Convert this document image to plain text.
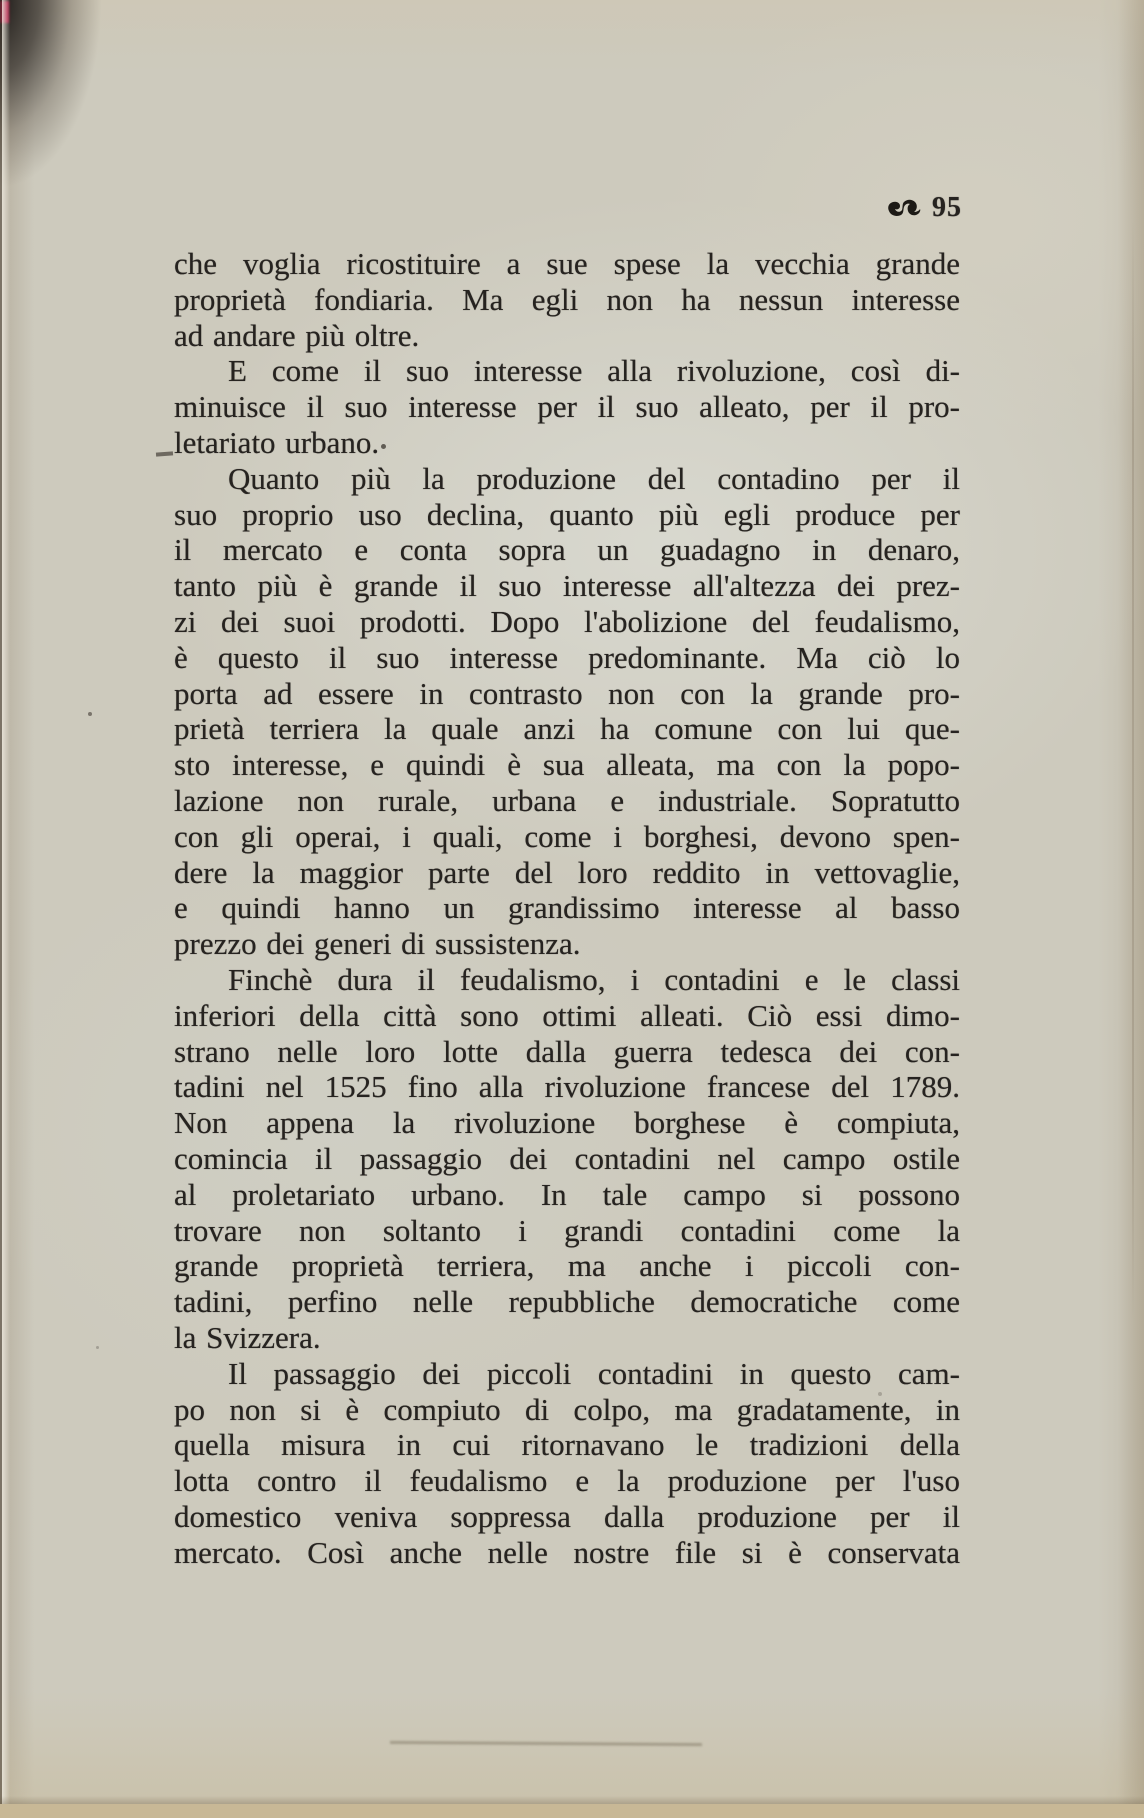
95
che voglia ricostituire a sue spese la vecchia grande
proprietà fondiaria. Ma egli non ha nessun interesse
ad andare più oltre.
E come il suo interesse alla rivoluzione, così di-
minuisce il suo interesse per il suo alleato, per il pro-
letariato urbano.
Quanto più la produzione del contadino per il
suo proprio uso declina, quanto più egli produce per
il mercato e conta sopra un guadagno in denaro,
tanto più è grande il suo interesse all'altezza dei prez-
zi dei suoi prodotti. Dopo l'abolizione del feudalismo,
è questo il suo interesse predominante. Ma ciò lo
porta ad essere in contrasto non con la grande pro-
prietà terriera la quale anzi ha comune con lui que-
sto interesse, e quindi è sua alleata, ma con la popo-
lazione non rurale, urbana e industriale. Sopratutto
con gli operai, i quali, come i borghesi, devono spen-
dere la maggior parte del loro reddito in vettovaglie,
e quindi hanno un grandissimo interesse al basso
prezzo dei generi di sussistenza.
Finchè dura il feudalismo, i contadini e le classi
inferiori della città sono ottimi alleati. Ciò essi dimo-
strano nelle loro lotte dalla guerra tedesca dei con-
tadini nel 1525 fino alla rivoluzione francese del 1789.
Non appena la rivoluzione borghese è compiuta,
comincia il passaggio dei contadini nel campo ostile
al proletariato urbano. In tale campo si possono
trovare non soltanto i grandi contadini come la
grande proprietà terriera, ma anche i piccoli con-
tadini, perfino nelle repubbliche democratiche come
la Svizzera.
Il passaggio dei piccoli contadini in questo cam-
po non si è compiuto di colpo, ma gradatamente, in
quella misura in cui ritornavano le tradizioni della
lotta contro il feudalismo e la produzione per l'uso
domestico veniva soppressa dalla produzione per il
mercato. Così anche nelle nostre file si è conservata
